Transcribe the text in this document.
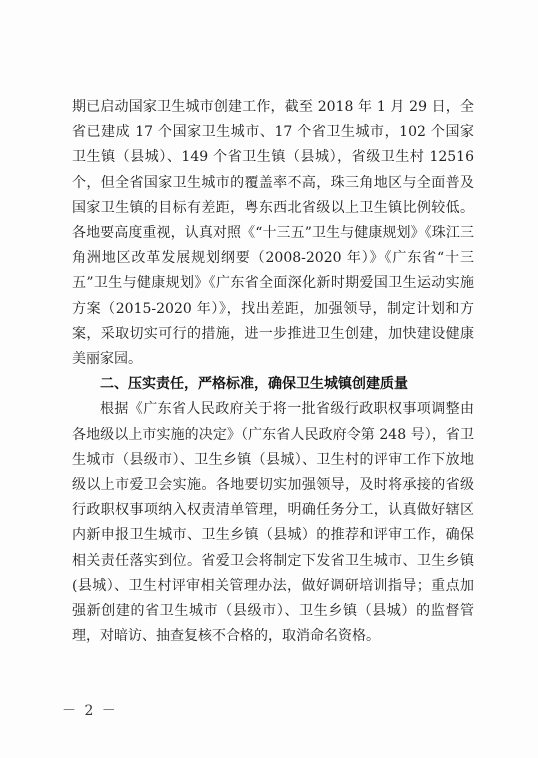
期已启动国家卫生城市创建工作，截至 2018 年 1 月 29 日，全省已建成 17 个国家卫生城市、17 个省卫生城市，102 个国家卫生镇（县城）、149 个省卫生镇（县城），省级卫生村 12516 个，但全省国家卫生城市的覆盖率不高，珠三角地区与全面普及国家卫生镇的目标有差距，粤东西北省级以上卫生镇比例较低。各地要高度重视，认真对照《“十三五”卫生与健康规划》《珠江三角洲地区改革发展规划纲要（2008-2020 年）》《广东省“十三五”卫生与健康规划》《广东省全面深化新时期爱国卫生运动实施方案（2015-2020 年）》，找出差距，加强领导，制定计划和方案，采取切实可行的措施，进一步推进卫生创建，加快建设健康美丽家园。

二、压实责任，严格标准，确保卫生城镇创建质量

根据《广东省人民政府关于将一批省级行政职权事项调整由各地级以上市实施的决定》（广东省人民政府令第 248 号），省卫生城市（县级市）、卫生乡镇（县城）、卫生村的评审工作下放地级以上市爱卫会实施。各地要切实加强领导，及时将承接的省级行政职权事项纳入权责清单管理，明确任务分工，认真做好辖区内新申报卫生城市、卫生乡镇（县城）的推荐和评审工作，确保相关责任落实到位。省爱卫会将制定下发省卫生城市、卫生乡镇(县城）、卫生村评审相关管理办法，做好调研培训指导；重点加强新创建的省卫生城市（县级市）、卫生乡镇（县城）的监督管理，对暗访、抽查复核不合格的，取消命名资格。

－ 2 －
